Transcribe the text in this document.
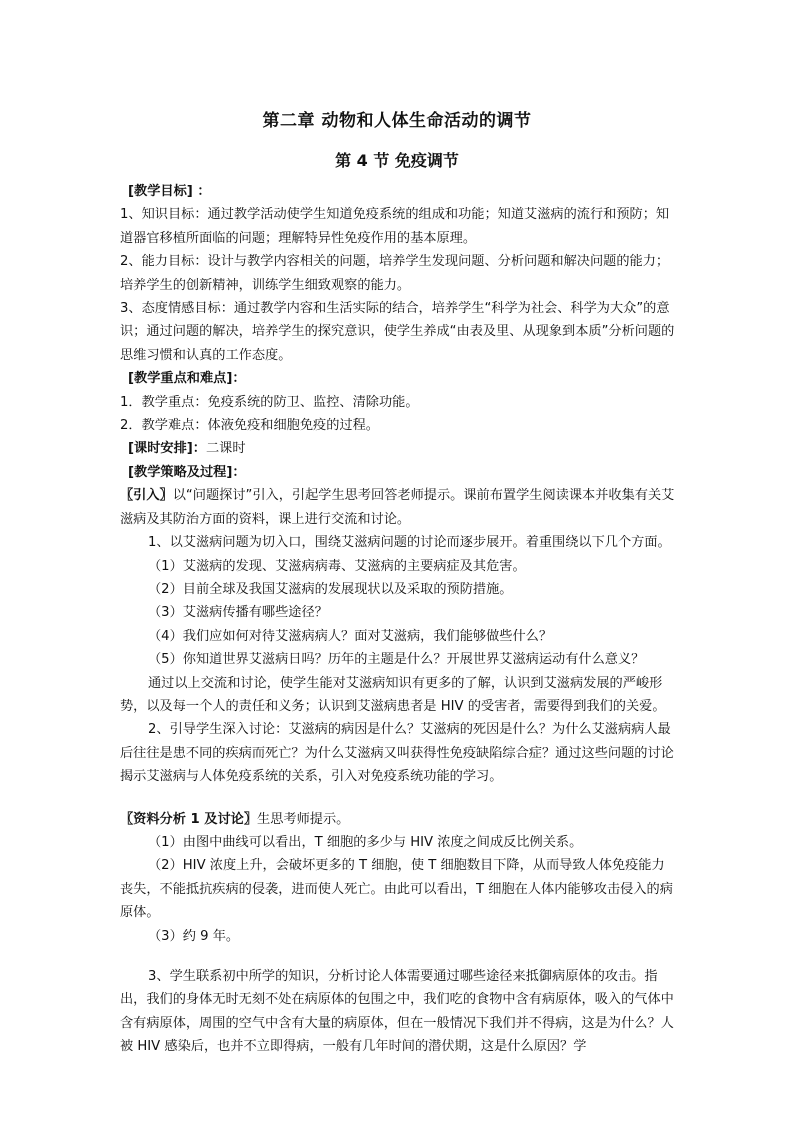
第二章 动物和人体生命活动的调节
第 4 节 免疫调节

[教学目标] ：

1、知识目标：通过教学活动使学生知道免疫系统的组成和功能；知道艾滋病的流行和预防；知道器官移植所面临的问题；理解特异性免疫作用的基本原理。

2、能力目标：设计与教学内容相关的问题，培养学生发现问题、分析问题和解决问题的能力；培养学生的创新精神，训练学生细致观察的能力。

3、态度情感目标：通过教学内容和生活实际的结合，培养学生“科学为社会、科学为大众”的意识；通过问题的解决，培养学生的探究意识，使学生养成“由表及里、从现象到本质”分析问题的思维习惯和认真的工作态度。

[教学重点和难点]：

1．教学重点：免疫系统的防卫、监控、清除功能。

2．教学难点：体液免疫和细胞免疫的过程。

[课时安排]：二课时

[教学策略及过程]：

〖引入〗以“问题探讨”引入，引起学生思考回答老师提示。课前布置学生阅读课本并收集有关艾滋病及其防治方面的资料，课上进行交流和讨论。

1、以艾滋病问题为切入口，围绕艾滋病问题的讨论而逐步展开。着重围绕以下几个方面。

（1）艾滋病的发现、艾滋病病毒、艾滋病的主要病症及其危害。

（2）目前全球及我国艾滋病的发展现状以及采取的预防措施。

（3）艾滋病传播有哪些途径？

（4）我们应如何对待艾滋病病人？面对艾滋病，我们能够做些什么？

（5）你知道世界艾滋病日吗？历年的主题是什么？开展世界艾滋病运动有什么意义？

通过以上交流和讨论，使学生能对艾滋病知识有更多的了解，认识到艾滋病发展的严峻形势，以及每一个人的责任和义务；认识到艾滋病患者是 HIV 的受害者，需要得到我们的关爱。

2、引导学生深入讨论：艾滋病的病因是什么？艾滋病的死因是什么？为什么艾滋病病人最后往往是患不同的疾病而死亡？为什么艾滋病又叫获得性免疫缺陷综合症？通过这些问题的讨论揭示艾滋病与人体免疫系统的关系，引入对免疫系统功能的学习。

〖资料分析 1 及讨论〗生思考师提示。

（1）由图中曲线可以看出，T 细胞的多少与 HIV 浓度之间成反比例关系。

（2）HIV 浓度上升，会破坏更多的 T 细胞，使 T 细胞数目下降，从而导致人体免疫能力丧失，不能抵抗疾病的侵袭，进而使人死亡。由此可以看出，T 细胞在人体内能够攻击侵入的病原体。

（3）约 9 年。

3、学生联系初中所学的知识，分析讨论人体需要通过哪些途径来抵御病原体的攻击。指出，我们的身体无时无刻不处在病原体的包围之中，我们吃的食物中含有病原体，吸入的气体中含有病原体，周围的空气中含有大量的病原体，但在一般情况下我们并不得病，这是为什么？人被 HIV 感染后，也并不立即得病，一般有几年时间的潜伏期，这是什么原因？学
